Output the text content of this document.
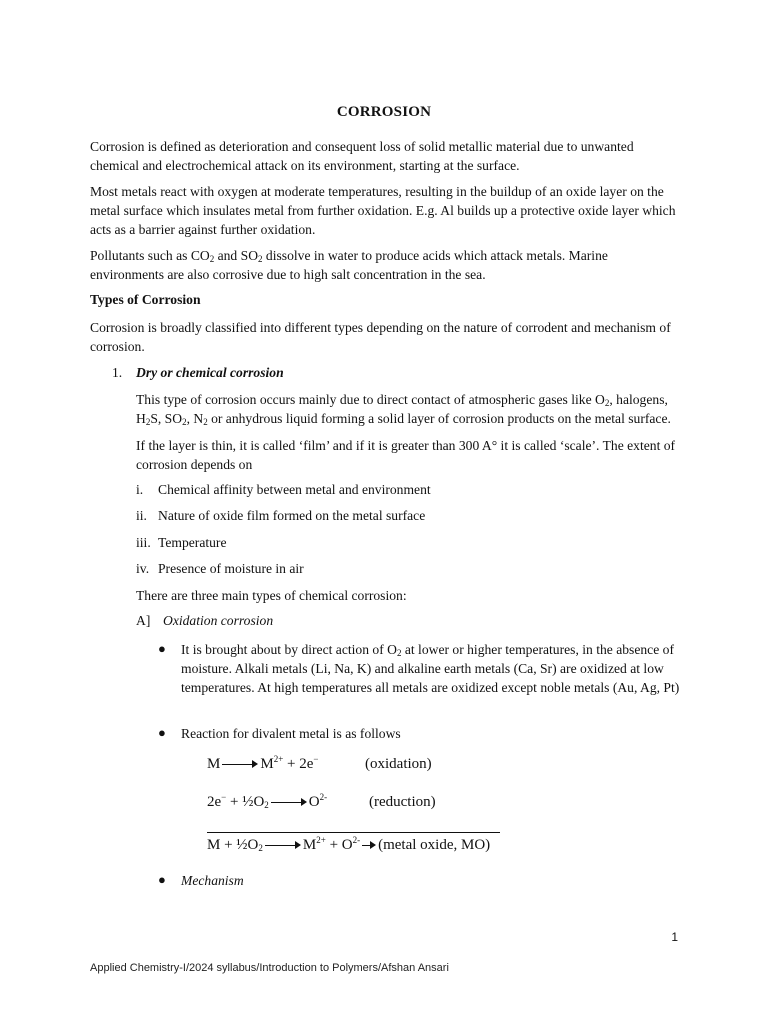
CORROSION

Corrosion is defined as deterioration and consequent loss of solid metallic material due to unwanted chemical and electrochemical attack on its environment, starting at the surface.

Most metals react with oxygen at moderate temperatures, resulting in the buildup of an oxide layer on the metal surface which insulates metal from further oxidation. E.g. Al builds up a protective oxide layer which acts as a barrier against further oxidation.

Pollutants such as $CO_2$ and $SO_2$ dissolve in water to produce acids which attack metals. Marine environments are also corrosive due to high salt concentration in the sea.

Types of Corrosion

Corrosion is broadly classified into different types depending on the nature of corrodent and mechanism of corrosion.

1. Dry or chemical corrosion

This type of corrosion occurs mainly due to direct contact of atmospheric gases like $O_2$, halogens, $H_2S$, $SO_2$, $N_2$ or anhydrous liquid forming a solid layer of corrosion products on the metal surface.

If the layer is thin, it is called ‘film’ and if it is greater than 300 A° it is called ‘scale’. The extent of corrosion depends on

i. Chemical affinity between metal and environment
ii. Nature of oxide film formed on the metal surface
iii. Temperature
iv. Presence of moisture in air
There are three main types of chemical corrosion:
A] Oxidation corrosion
● It is brought about by direct action of $O_2$ at lower or higher temperatures, in the absence of moisture. Alkali metals (Li, Na, K) and alkaline earth metals (Ca, Sr) are oxidized at low temperatures. At high temperatures all metals are oxidized except noble metals (Au, Ag, Pt)

● Reaction for divalent metal is as follows

M	$M^{2+} + 2e^-$	(oxidation)
$2e^- + \frac{1}{2}O_2$	$O^{2-}$	(reduction)
$M + \frac{1}{2}O_2$	$M^{2+} + O^{2-}$ (metal oxide, MO)
● Mechanism

1
Applied Chemistry-I/2024 syllabus/Introduction to Polymers/Afshan Ansari
